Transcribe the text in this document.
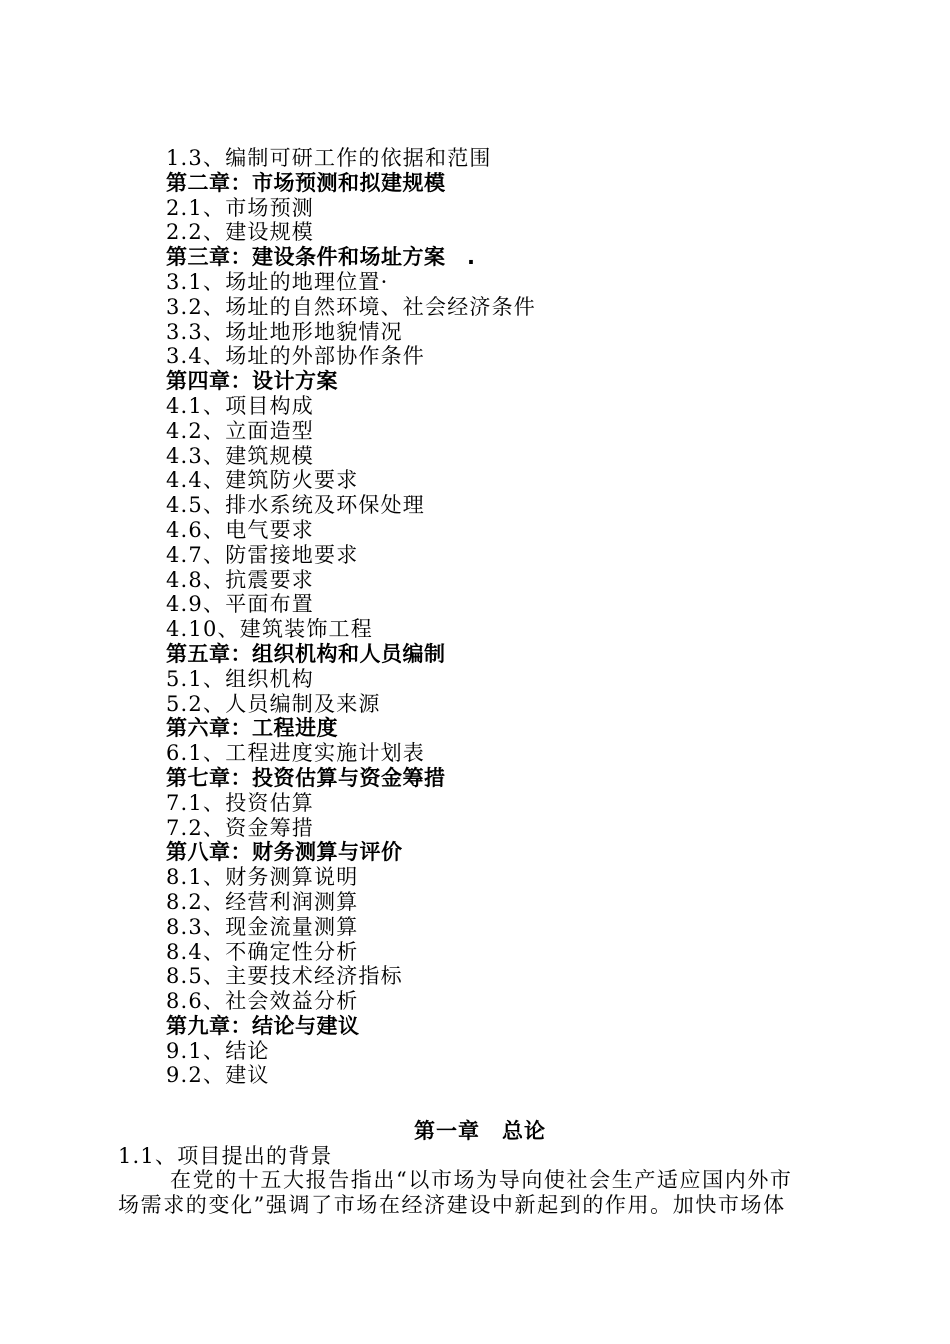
1.3、编制可研工作的依据和范围
第二章：市场预测和拟建规模
2.1、市场预测
2.2、建设规模
第三章：建设条件和场址方案　.
3.1、场址的地理位置·
3.2、场址的自然环境、社会经济条件
3.3、场址地形地貌情况
3.4、场址的外部协作条件
第四章：设计方案
4.1、项目构成
4.2、立面造型
4.3、建筑规模
4.4、建筑防火要求
4.5、排水系统及环保处理
4.6、电气要求
4.7、防雷接地要求
4.8、抗震要求
4.9、平面布置
4.10、建筑装饰工程
第五章：组织机构和人员编制
5.1、组织机构
5.2、人员编制及来源
第六章：工程进度
6.1、工程进度实施计划表
第七章：投资估算与资金筹措
7.1、投资估算
7.2、资金筹措
第八章：财务测算与评价
8.1、财务测算说明
8.2、经营利润测算
8.3、现金流量测算
8.4、不确定性分析
8.5、主要技术经济指标
8.6、社会效益分析
第九章：结论与建议
9.1、结论
9.2、建议
第一章　总论
1.1、项目提出的背景
在党的十五大报告指出“以市场为导向使社会生产适应国内外市
场需求的变化”强调了市场在经济建设中新起到的作用。加快市场体
